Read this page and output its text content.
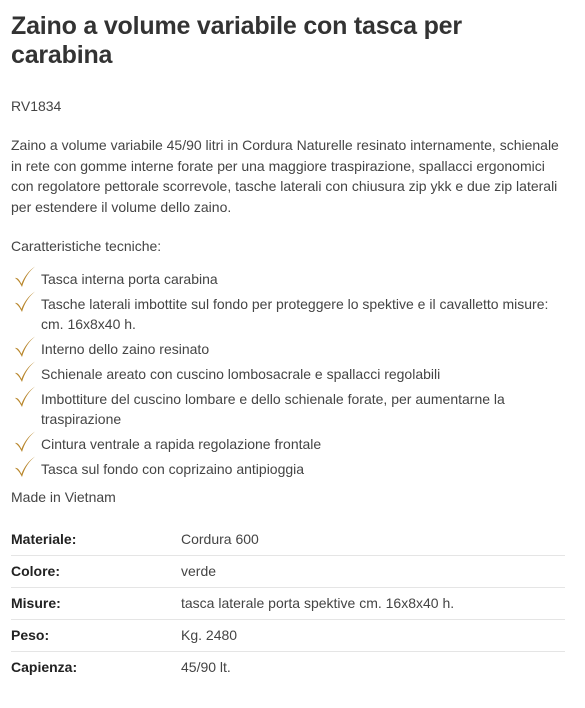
Zaino a volume variabile con tasca per carabina
RV1834
Zaino a volume variabile 45/90 litri in Cordura Naturelle resinato internamente, schienale in rete con gomme interne forate per una maggiore traspirazione, spallacci ergonomici con regolatore pettorale scorrevole, tasche laterali con chiusura zip ykk e due zip laterali per estendere il volume dello zaino.
Caratteristiche tecniche:
Tasca interna porta carabina
Tasche laterali imbottite sul fondo per proteggere lo spektive e il cavalletto misure: cm. 16x8x40 h.
Interno dello zaino resinato
Schienale areato con cuscino lombosacrale e spallacci regolabili
Imbottiture del cuscino lombare e dello schienale forate, per aumentarne la traspirazione
Cintura ventrale a rapida regolazione frontale
Tasca sul fondo con coprizaino antipioggia
Made in Vietnam
Materiale:	Cordura 600
Colore:	verde
Misure:	tasca laterale porta spektive cm. 16x8x40 h.
Peso:	Kg. 2480
Capienza:	45/90 lt.
